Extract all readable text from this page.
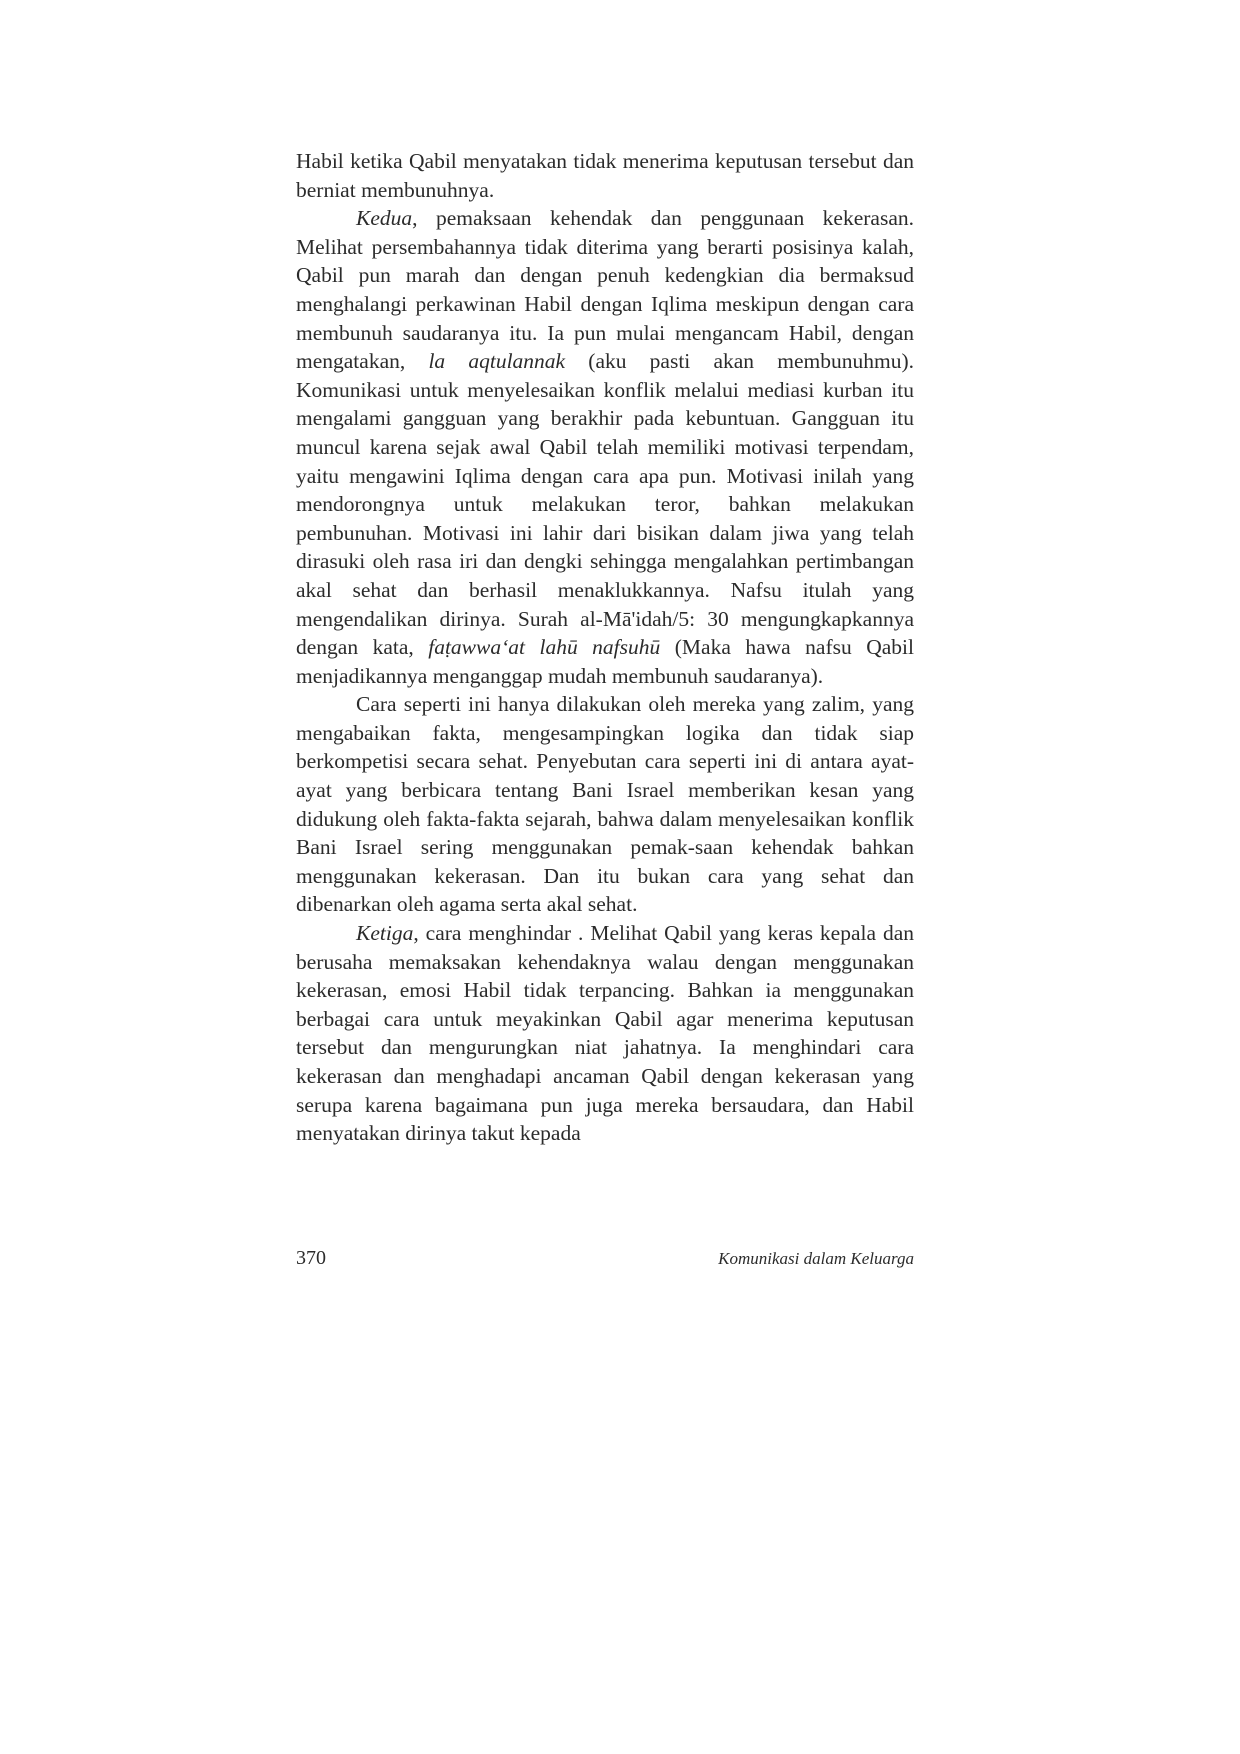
Habil ketika Qabil menyatakan tidak menerima keputusan tersebut dan berniat membunuhnya.

Kedua, pemaksaan kehendak dan penggunaan kekerasan. Melihat persembahannya tidak diterima yang berarti posisinya kalah, Qabil pun marah dan dengan penuh kedengkian dia bermaksud menghalangi perkawinan Habil dengan Iqlima meskipun dengan cara membunuh saudaranya itu. Ia pun mulai mengancam Habil, dengan mengatakan, la aqtulannak (aku pasti akan membunuhmu). Komunikasi untuk menyelesaikan konflik melalui mediasi kurban itu mengalami gangguan yang berakhir pada kebuntuan. Gangguan itu muncul karena sejak awal Qabil telah memiliki motivasi terpendam, yaitu mengawini Iqlima dengan cara apa pun. Motivasi inilah yang mendorongnya untuk melakukan teror, bahkan melakukan pembunuhan. Motivasi ini lahir dari bisikan dalam jiwa yang telah dirasuki oleh rasa iri dan dengki sehingga mengalahkan pertimbangan akal sehat dan berhasil menaklukkannya. Nafsu itulah yang mengendalikan dirinya. Surah al-Mā'idah/5: 30 mengungkapkannya dengan kata, faṭawwa‘at lahū nafsuhū (Maka hawa nafsu Qabil menjadikannya menganggap mudah membunuh saudaranya).

Cara seperti ini hanya dilakukan oleh mereka yang zalim, yang mengabaikan fakta, mengesampingkan logika dan tidak siap berkompetisi secara sehat. Penyebutan cara seperti ini di antara ayat-ayat yang berbicara tentang Bani Israel memberikan kesan yang didukung oleh fakta-fakta sejarah, bahwa dalam menyelesaikan konflik Bani Israel sering menggunakan pemak-saan kehendak bahkan menggunakan kekerasan. Dan itu bukan cara yang sehat dan dibenarkan oleh agama serta akal sehat.

Ketiga, cara menghindar . Melihat Qabil yang keras kepala dan berusaha memaksakan kehendaknya walau dengan menggunakan kekerasan, emosi Habil tidak terpancing. Bahkan ia menggunakan berbagai cara untuk meyakinkan Qabil agar menerima keputusan tersebut dan mengurungkan niat jahatnya. Ia menghindari cara kekerasan dan menghadapi ancaman Qabil dengan kekerasan yang serupa karena bagaimana pun juga mereka bersaudara, dan Habil menyatakan dirinya takut kepada

370	Komunikasi dalam Keluarga
